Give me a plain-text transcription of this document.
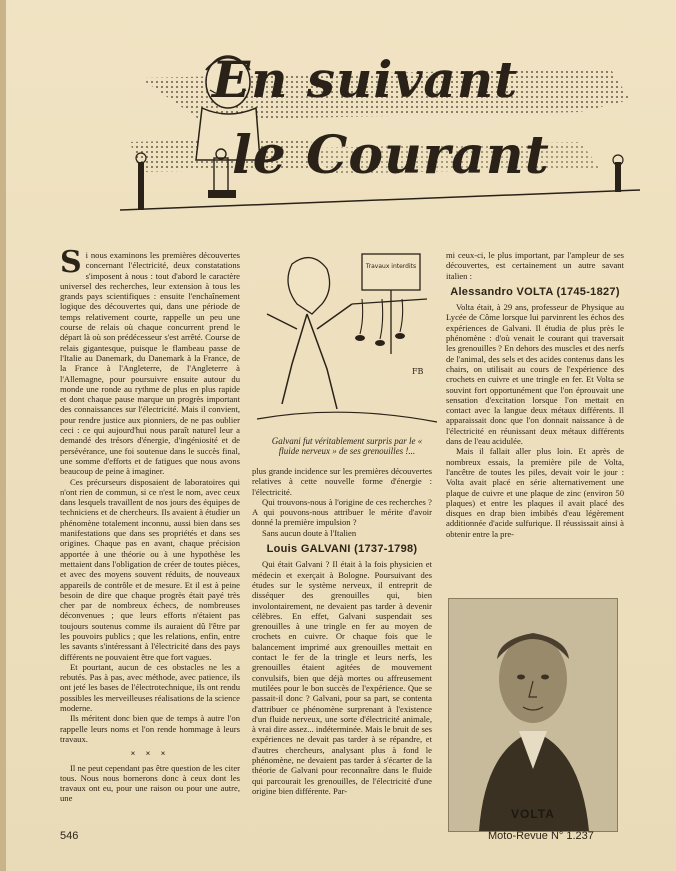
En suivant
le Courant

Si nous examinons les premières découvertes concernant l'électricité, deux constatations s'imposent à nous : tout d'abord le caractère universel des recherches, leur extension à tous les grands pays scientifiques : ensuite l'enchaînement logique des découvertes qui, dans une période de temps relativement courte, rappelle un peu une course de relais où chaque concurrent prend le départ là où son prédécesseur s'est arrêté. Course de relais gigantesque, puisque le flambeau passe de l'Italie au Danemark, du Danemark à la France, de la France à l'Angleterre, de l'Angleterre à l'Allemagne, pour poursuivre ensuite autour du monde une ronde au rythme de plus en plus rapide et dont chaque pause marque un progrès important des connaissances sur l'électricité. Mais il convient, pour rendre justice aux pionniers, de ne pas oublier ceci : ce qui aujourd'hui nous paraît naturel leur a demandé des trésors d'énergie, d'ingéniosité et de persévérance, une foi soutenue dans le succès final, une somme d'efforts et de fatigues que nous avons beaucoup de peine à imaginer.

Ces précurseurs disposaient de laboratoires qui n'ont rien de commun, si ce n'est le nom, avec ceux dans lesquels travaillent de nos jours des équipes de techniciens et de chercheurs. Ils avaient à étudier un phénomène totalement inconnu, aussi bien dans ses manifestations que dans ses propriétés et dans ses origines. Chaque pas en avant, chaque précision apportée à une théorie ou à une hypothèse les mettaient dans l'obligation de créer de toutes pièces, et avec des moyens souvent réduits, de nouveaux appareils de contrôle et de mesure. Et il est à peine besoin de dire que chaque progrès était payé très cher par de nombreux échecs, de nombreuses déconvenues ; que leurs efforts n'étaient pas toujours soutenus comme ils auraient dû l'être par les pouvoirs publics ; que les relations, enfin, entre les savants s'intéressant à l'électricité dans des pays différents ne pouvaient être que fort vagues.

Et pourtant, aucun de ces obstacles ne les a rebutés. Pas à pas, avec méthode, avec patience, ils ont jeté les bases de l'électrotechnique, ils ont rendu possibles les merveilleuses réalisations de la science moderne.

Ils méritent donc bien que de temps à autre l'on rappelle leurs noms et l'on rende hommage à leurs travaux.

× × ×

Il ne peut cependant pas être question de les citer tous. Nous nous bornerons donc à ceux dont les travaux ont eu, pour une raison ou pour une autre, une

Travaux interdits
FB
Galvani fut véritablement surpris par le « fluide nerveux » de ses grenouilles !...

plus grande incidence sur les premières découvertes relatives à cette nouvelle forme d'énergie : l'électricité.

Qui trouvons-nous à l'origine de ces recherches ? A qui pouvons-nous attribuer le mérite d'avoir donné la première impulsion ?

Sans aucun doute à l'Italien

Louis GALVANI (1737-1798)

Qui était Galvani ? Il était à la fois physicien et médecin et exerçait à Bologne. Poursuivant des études sur le système nerveux, il entreprit de disséquer des grenouilles qui, bien involontairement, ne devaient pas tarder à devenir célèbres. En effet, Galvani suspendait ses grenouilles à une tringle en fer au moyen de crochets en cuivre. Or chaque fois que le balancement imprimé aux grenouilles mettait en contact le fer de la tringle et leurs nerfs, les grenouilles étaient agitées de mouvement convulsifs, bien que déjà mortes ou affreusement mutilées pour le bon succès de l'expérience. Que se passait-il donc ? Galvani, pour sa part, se contenta d'attribuer ce phénomène surprenant à l'existence d'un fluide nerveux, une sorte d'électricité animale, à vrai dire assez... indéterminée. Mais le bruit de ses expériences ne devait pas tarder à se répandre, et d'autres chercheurs, analysant plus à fond le phénomène, ne devaient pas tarder à s'écarter de la théorie de Galvani pour reconnaître dans le fluide qui parcourait les grenouilles, de l'électricité d'une origine bien différente. Par-

mi ceux-ci, le plus important, par l'ampleur de ses découvertes, est certainement un autre savant italien :

Alessandro VOLTA (1745-1827)

Volta était, à 29 ans, professeur de Physique au Lycée de Côme lorsque lui parvinrent les échos des expériences de Galvani. Il étudia de plus près le phénomène : d'où venait le courant qui traversait les grenouilles ? En dehors des muscles et des nerfs de l'animal, des sels et des acides contenus dans les chairs, on utilisait au cours de l'expérience des crochets en cuivre et une tringle en fer. Et Volta se souvint fort opportunément que l'on éprouvait une sensation d'excitation lorsque l'on mettait en contact avec la langue deux métaux différents. Il apparaissait donc que l'on donnait naissance à de l'électricité en réunissant deux métaux différents dans de l'eau acidulée.

Mais il fallait aller plus loin. Et après de nombreux essais, la première pile de Volta, l'ancêtre de toutes les piles, devait voir le jour : Volta avait placé en série alternativement une plaque de cuivre et une plaque de zinc (environ 50 plaques) et entre les plaques il avait placé des disques en drap bien imbibés d'eau légèrement additionnée d'acide sulfurique. Il réussissait ainsi à obtenir entre la pre-

VOLTA
546	Moto-Revue N° 1.237
